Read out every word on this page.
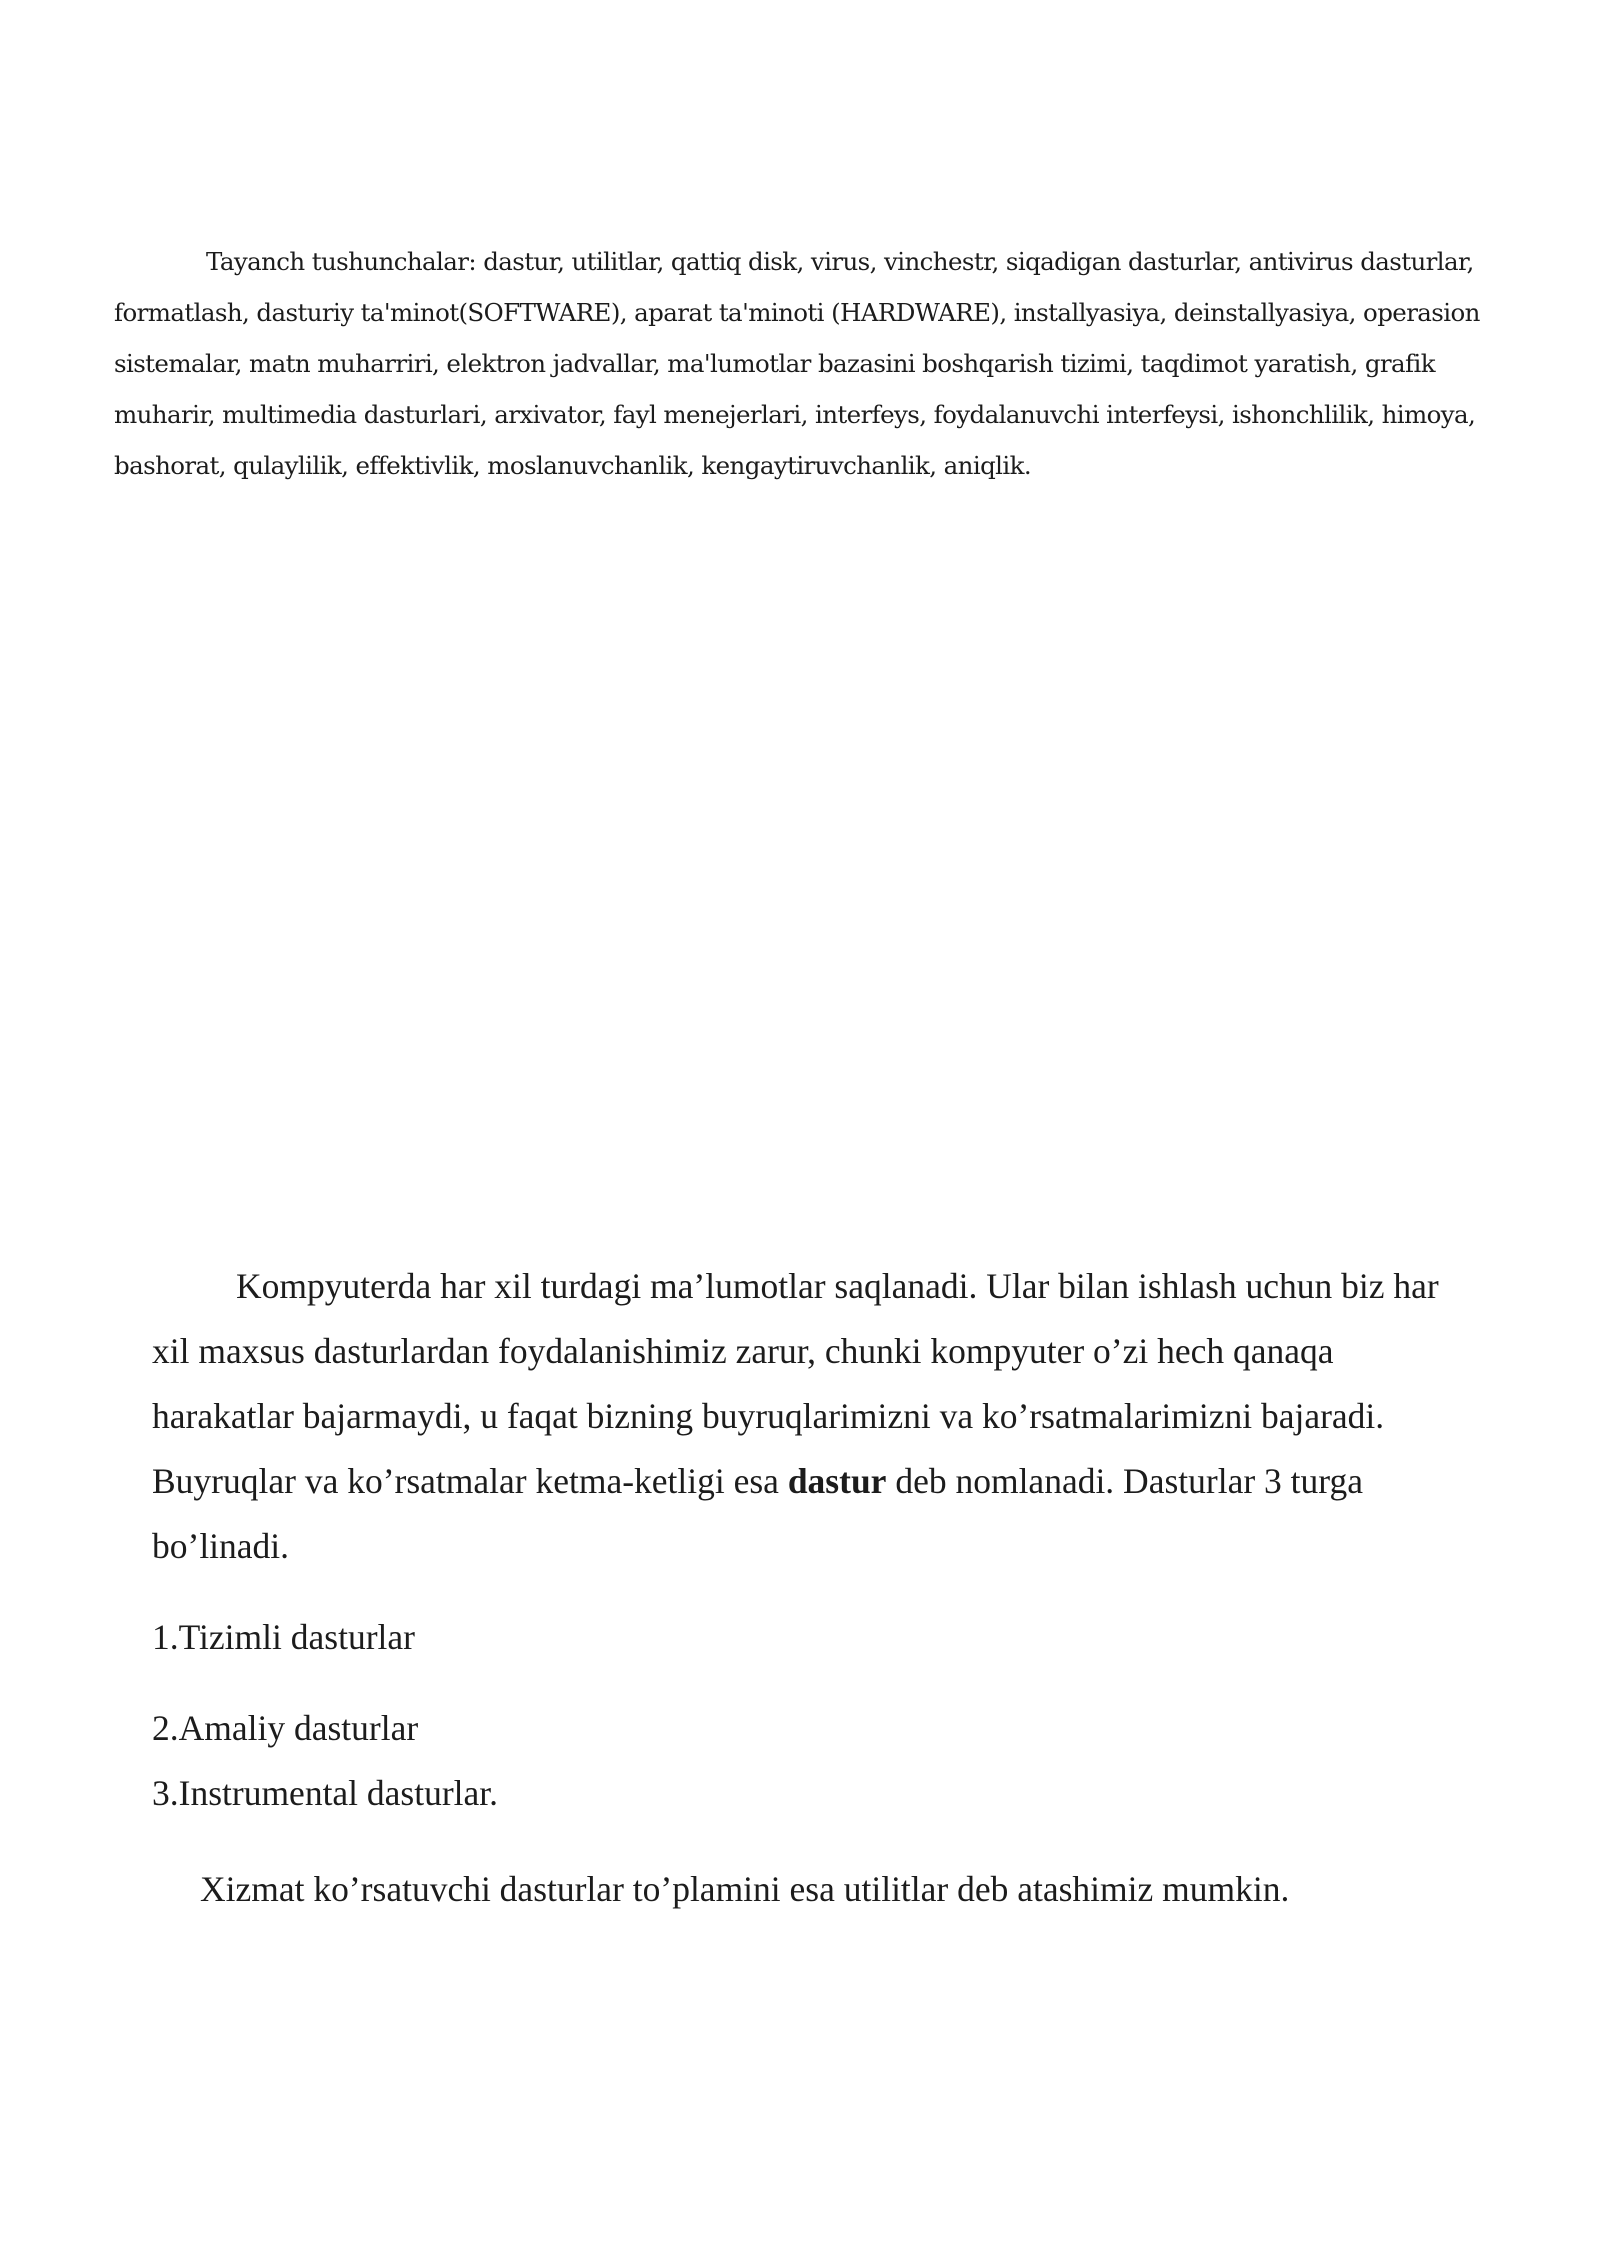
Tayanch tushunchalar: dastur, utilitlar, qattiq disk, virus, vinchestr, siqadigan dasturlar, antivirus dasturlar, formatlash, dasturiy ta'minot(SOFTWARE), aparat ta'minoti (HARDWARE), installyasiya, deinstallyasiya, operasion sistemalar, matn muharriri, elektron jadvallar, ma'lumotlar bazasini boshqarish tizimi, taqdimot yaratish, grafik muharir, multimedia dasturlari, arxivator, fayl menejerlari, interfeys, foydalanuvchi interfeysi, ishonchlilik, himoya, bashorat, qulaylilik, effektivlik, moslanuvchanlik, kengaytiruvchanlik, aniqlik.

Kompyuterda har xil turdagi ma’lumotlar saqlanadi. Ular bilan ishlash uchun biz har xil maxsus dasturlardan foydalanishimiz zarur, chunki kompyuter o’zi hech qanaqa harakatlar bajarmaydi, u faqat bizning buyruqlarimizni va ko’rsatmalarimizni bajaradi. Buyruqlar va ko’rsatmalar ketma-ketligi esa dastur deb nomlanadi. Dasturlar 3 turga bo’linadi.

1.Tizimli dasturlar

2.Amaliy dasturlar

3.Instrumental dasturlar.

Xizmat ko’rsatuvchi dasturlar to’plamini esa utilitlar deb atashimiz mumkin.
